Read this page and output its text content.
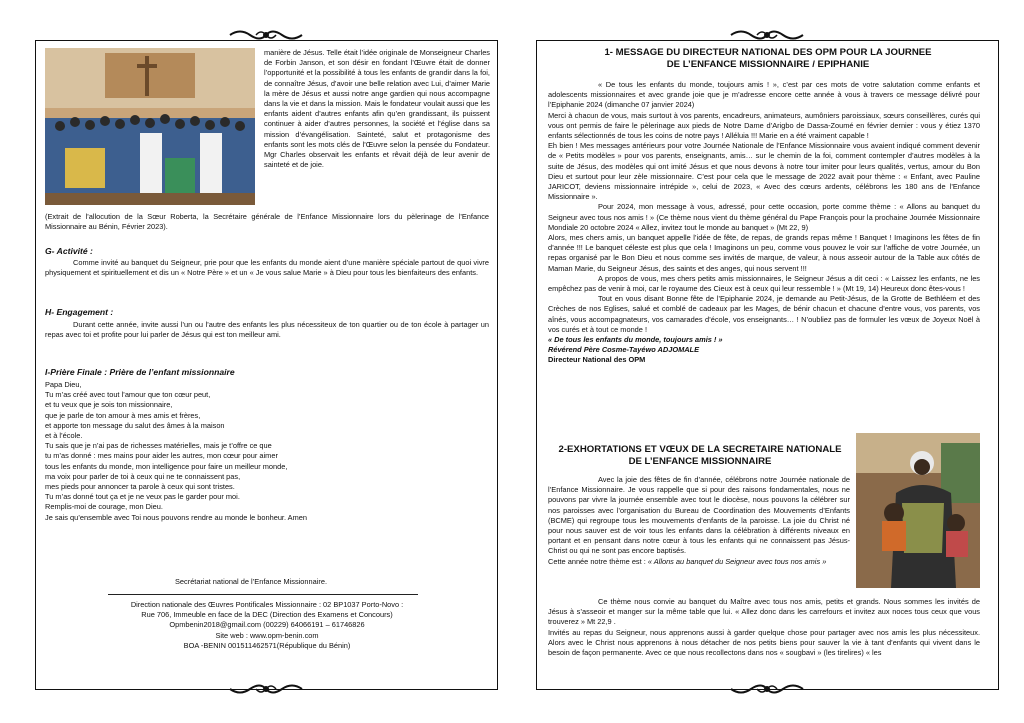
manière de Jésus. Telle était l’idée originale de Monseigneur Charles de Forbin Janson, et son désir en fondant l’Œuvre était de donner l’opportunité et la possibilité à tous les enfants de grandir dans la foi, de connaître Jésus, d’avoir une belle relation avec Lui, d’aimer Marie la mère de Jésus et aussi notre ange gardien qui nous accompagne dans la vie et dans la mission. Mais le fondateur voulait aussi que les enfants aident d’autres enfants afin qu’en grandissant, ils puissent continuer à aider d’autres personnes, la société et l’église dans sa mission d’évangélisation. Sainteté, salut et protagonisme des enfants sont les mots clés de l’Œuvre selon la pensée du Fondateur. Mgr Charles observait les enfants et rêvait déjà de leur avenir de sainteté et de joie.

(Extrait de l’allocution de la Sœur Roberta, la Secrétaire générale de l’Enfance Missionnaire lors du pèlerinage de l’Enfance Missionnaire au Bénin, Février 2023).

G- Activité :

Comme invité au banquet du Seigneur, prie pour que les enfants du monde aient d’une manière spéciale partout de quoi vivre physiquement et spirituellement et dis un « Notre Père » et un « Je vous salue Marie » à Dieu pour tous les bienfaiteurs des enfants.

H- Engagement :

Durant cette année, invite aussi l’un ou l’autre des enfants les plus nécessiteux de ton quartier ou de ton école à partager un repas avec toi et profite pour lui parler de Jésus qui est ton meilleur ami.

I-Prière Finale : Prière de l’enfant missionnaire
Papa Dieu,
Tu m’as créé avec tout l’amour que ton cœur peut,
et tu veux que je sois ton missionnaire,
que je parle de ton amour à mes amis et frères,
et apporte ton message du salut des âmes à la maison
et à l’école.
Tu sais que je n’ai pas de richesses matérielles, mais je t’offre ce que
tu m’as donné : mes mains pour aider les autres, mon cœur pour aimer
tous les enfants du monde, mon intelligence pour faire un meilleur monde,
ma voix pour parler de toi à ceux qui ne te connaissent pas,
mes pieds pour annoncer ta parole à ceux qui sont tristes.
Tu m’as donné tout ça et je ne veux pas le garder pour moi.
Remplis-moi de courage, mon Dieu.
Je sais qu’ensemble avec Toi nous pouvons rendre au monde le bonheur. Amen

Secrétariat national de l’Enfance Missionnaire.

Direction nationale des Œuvres Pontificales Missionnaire : 02 BP1037 Porto-Novo :
Rue 706, Immeuble en face de la DEC (Direction des Examens et Concours)
Opmbenin2018@gmail.com (00229) 64066191 – 61746826
Site web : www.opm-benin.com
BOA -BENIN 001511462571(République du Bénin)
1- MESSAGE DU DIRECTEUR NATIONAL DES OPM POUR LA JOURNEE
DE L’ENFANCE MISSIONNAIRE / EPIPHANIE

« De tous les enfants du monde, toujours amis ! », c’est par ces mots de votre salutation comme enfants et adolescents missionnaires et avec grande joie que je m’adresse encore cette année à vous à travers ce message délivré pour l’Epiphanie 2024 (dimanche 07 janvier 2024)

Merci à chacun de vous, mais surtout à vos parents, encadreurs, animateurs, aumôniers paroissiaux, sœurs conseillères, curés qui vous ont permis de faire le pèlerinage aux pieds de Notre Dame d’Arigbo de Dassa-Zoumé en février dernier : vous y étiez 1370 enfants sélectionnés de tous les coins de notre pays ! Alléluia !!! Marie en a été vraiment capable !

Eh bien ! Mes messages antérieurs pour votre Journée Nationale de l’Enfance Missionnaire vous avaient indiqué comment devenir de « Petits modèles » pour vos parents, enseignants, amis… sur le chemin de la foi, comment contempler d’autres modèles à la suite de Jésus, des modèles qui ont imité Jésus et que nous devons à notre tour imiter pour leurs qualités, vertus, amour du Bon Dieu et surtout pour leur zèle missionnaire. C’est pour cela que le message de 2022 avait pour thème : « Enfant, avec Pauline JARICOT, deviens missionnaire intrépide », celui de 2023, « Avec des cœurs ardents, célébrons les 180 ans de l’Enfance Missionnaire ».

Pour 2024, mon message à vous, adressé, pour cette occasion, porte comme thème : « Allons au banquet du Seigneur avec tous nos amis ! » (Ce thème nous vient du thème général du Pape François pour la prochaine Journée Missionnaire Mondiale 20 octobre 2024 « Allez, invitez tout le monde au banquet » (Mt 22, 9)

Alors, mes chers amis, un banquet appelle l’idée de fête, de repas, de grands repas même ! Banquet ! Imaginons les fêtes de fin d’année !!! Le banquet céleste est plus que cela ! Imaginons un peu, comme vous pouvez le voir sur l’affiche de votre Journée, un repas organisé par le Bon Dieu et nous comme ses invités de marque, de valeur, à nous asseoir autour de la Table aux côtés de Maman Marie, du Seigneur Jésus, des saints et des anges, qui nous servent !!!

A propos de vous, mes chers petits amis missionnaires, le Seigneur Jésus a dit ceci : « Laissez les enfants, ne les empêchez pas de venir à moi, car le royaume des Cieux est à ceux qui leur ressemble ! » (Mt 19, 14) Heureux donc êtes-vous !

Tout en vous disant Bonne fête de l’Epiphanie 2024, je demande au Petit-Jésus, de la Grotte de Bethléem et des Crèches de nos Eglises, salué et comblé de cadeaux par les Mages, de bénir chacun et chacune d’entre vous, vos parents, vos aînés, vous accompagnateurs, vos camarades d’école, vos enseignants… ! N’oubliez pas de formuler les vœux de Joyeux Noël à vos curés et à tout ce monde !

« De tous les enfants du monde, toujours amis ! »
Révérend Père Cosme-Tayéwo ADJOMALE
Directeur National des OPM
2-EXHORTATIONS ET VŒUX DE LA SECRETAIRE NATIONALE
DE L’ENFANCE MISSIONNAIRE

Avec la joie des fêtes de fin d’année, célébrons notre Journée nationale de l’Enfance Missionnaire. Je vous rappelle que si pour des raisons fondamentales, nous ne pouvons par vivre la journée ensemble avec tout le diocèse, nous pouvons la célébrer sur nos paroisses avec l’organisation du Bureau de Coordination des Mouvements d’Enfants (BCME) qui regroupe tous les mouvements d’enfants de la paroisse. La joie du Christ né pour nous sauver est de voir tous les enfants dans la célébration à différents niveaux en portant et en pensant dans notre cœur à tous les enfants qui ne connaissent pas Jésus-Christ ou qui ne sont pas encore baptisés.

Cette année notre thème est : « Allons au banquet du Seigneur avec tous nos amis »

Ce thème nous convie au banquet du Maître avec tous nos amis, petits et grands. Nous sommes les invités de Jésus à s’asseoir et manger sur la même table que lui. « Allez donc dans les carrefours et invitez aux noces tous ceux que vous trouverez » Mt 22,9 .

Invités au repas du Seigneur, nous apprenons aussi à garder quelque chose pour partager avec nos amis les plus nécessiteux. Alors avec le Christ nous apprenons à nous détacher de nos petits biens pour sauver la vie à tant d’enfants qui vivent dans le besoin de façon permanente. Avec ce que nous recollectons dans nos « sougbavi » (les tirelires) « les
